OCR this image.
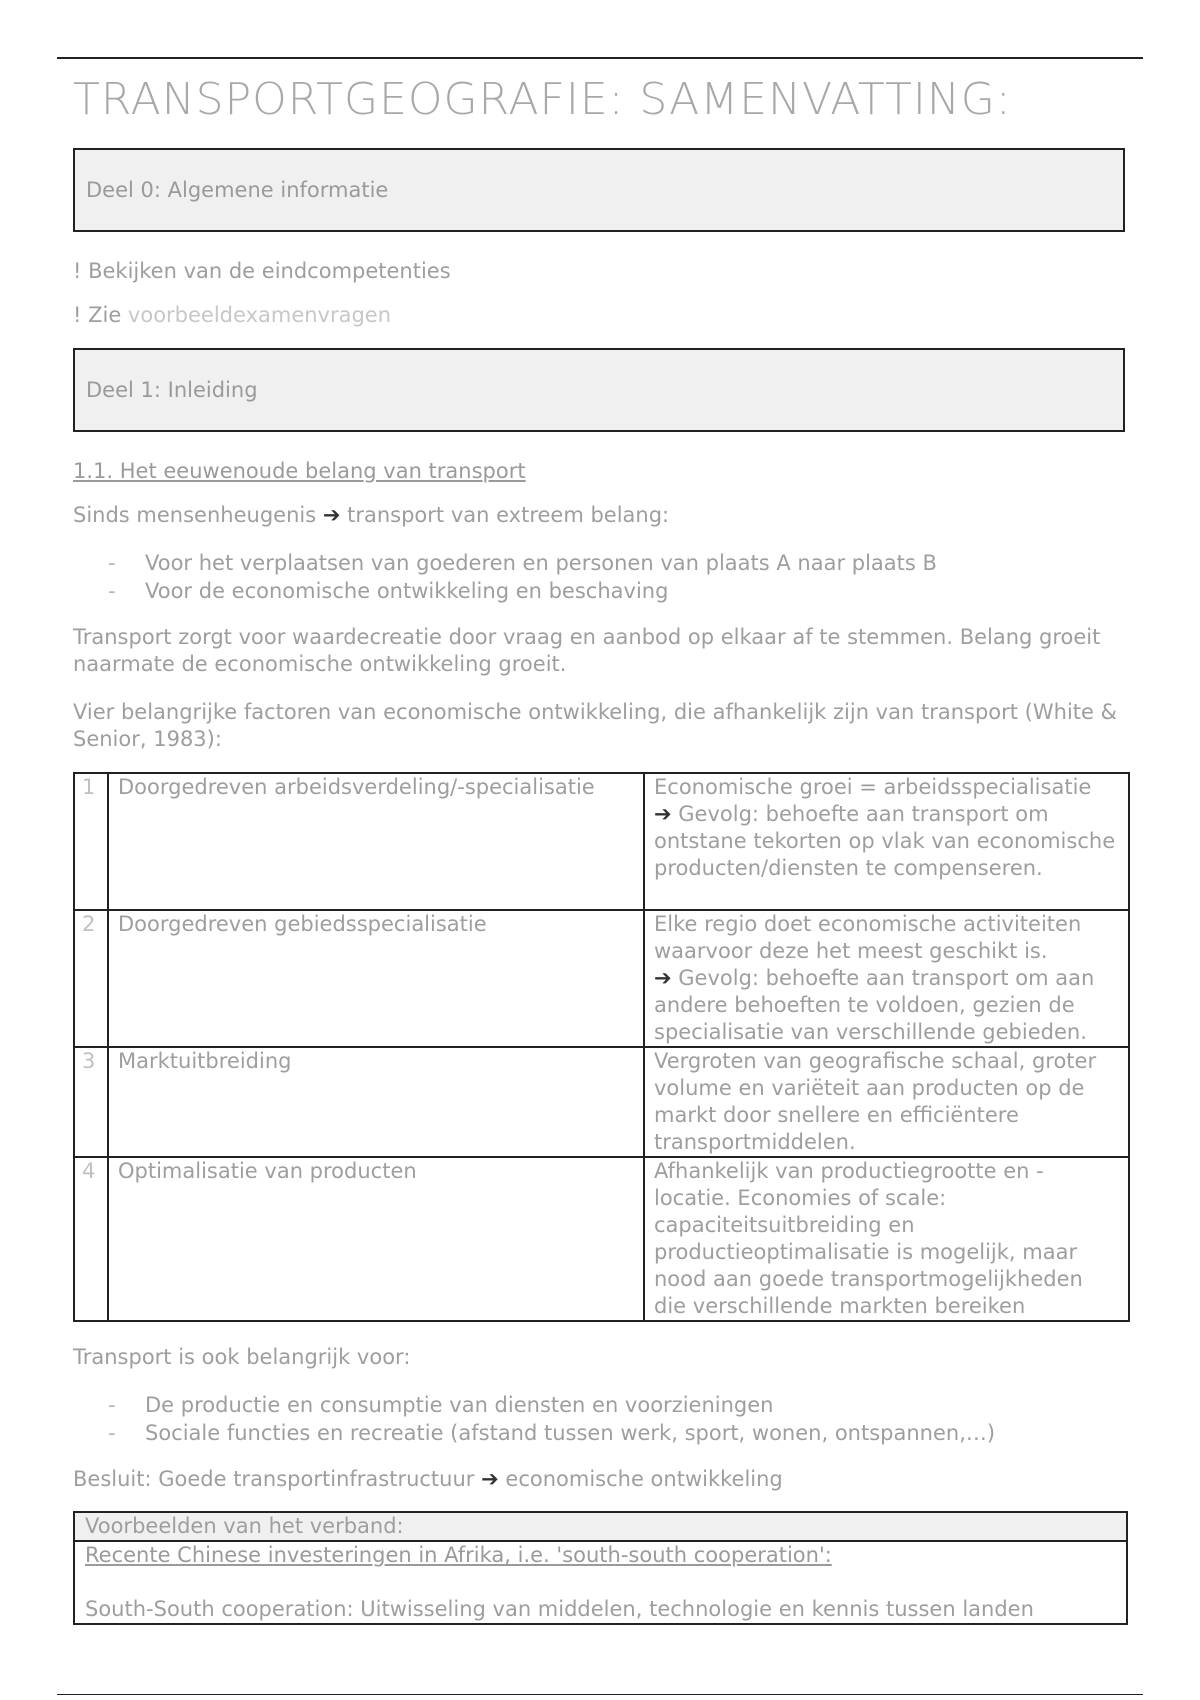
TRANSPORTGEOGRAFIE: SAMENVATTING:
Deel 0: Algemene informatie
! Bekijken van de eindcompetenties
! Zie voorbeeldexamenvragen
Deel 1: Inleiding
1.1. Het eeuwenoude belang van transport
Sinds mensenheugenis ➔ transport van extreem belang:
- Voor het verplaatsen van goederen en personen van plaats A naar plaats B
- Voor de economische ontwikkeling en beschaving
Transport zorgt voor waardecreatie door vraag en aanbod op elkaar af te stemmen. Belang groeit naarmate de economische ontwikkeling groeit.
Vier belangrijke factoren van economische ontwikkeling, die afhankelijk zijn van transport (White & Senior, 1983):
1	Doorgedreven arbeidsverdeling/-specialisatie	Economische groei = arbeidsspecialisatie
➔ Gevolg: behoefte aan transport om ontstane tekorten op vlak van economische producten/diensten te compenseren.

2	Doorgedreven gebiedsspecialisatie	Elke regio doet economische activiteiten waarvoor deze het meest geschikt is.
➔ Gevolg: behoefte aan transport om aan andere behoeften te voldoen, gezien de specialisatie van verschillende gebieden.

3	Marktuitbreiding	Vergroten van geografische schaal, groter volume en variëteit aan producten op de markt door snellere en efficiëntere transportmiddelen.

4	Optimalisatie van producten	Afhankelijk van productiegrootte en -locatie. Economies of scale: capaciteitsuitbreiding en productieoptimalisatie is mogelijk, maar nood aan goede transportmogelijkheden die verschillende markten bereiken
Transport is ook belangrijk voor:
- De productie en consumptie van diensten en voorzieningen
- Sociale functies en recreatie (afstand tussen werk, sport, wonen, ontspannen,…)
Besluit: Goede transportinfrastructuur ➔ economische ontwikkeling
Voorbeelden van het verband:

Recente Chinese investeringen in Afrika, i.e. 'south-south cooperation':
South-South cooperation: Uitwisseling van middelen, technologie en kennis tussen landen
